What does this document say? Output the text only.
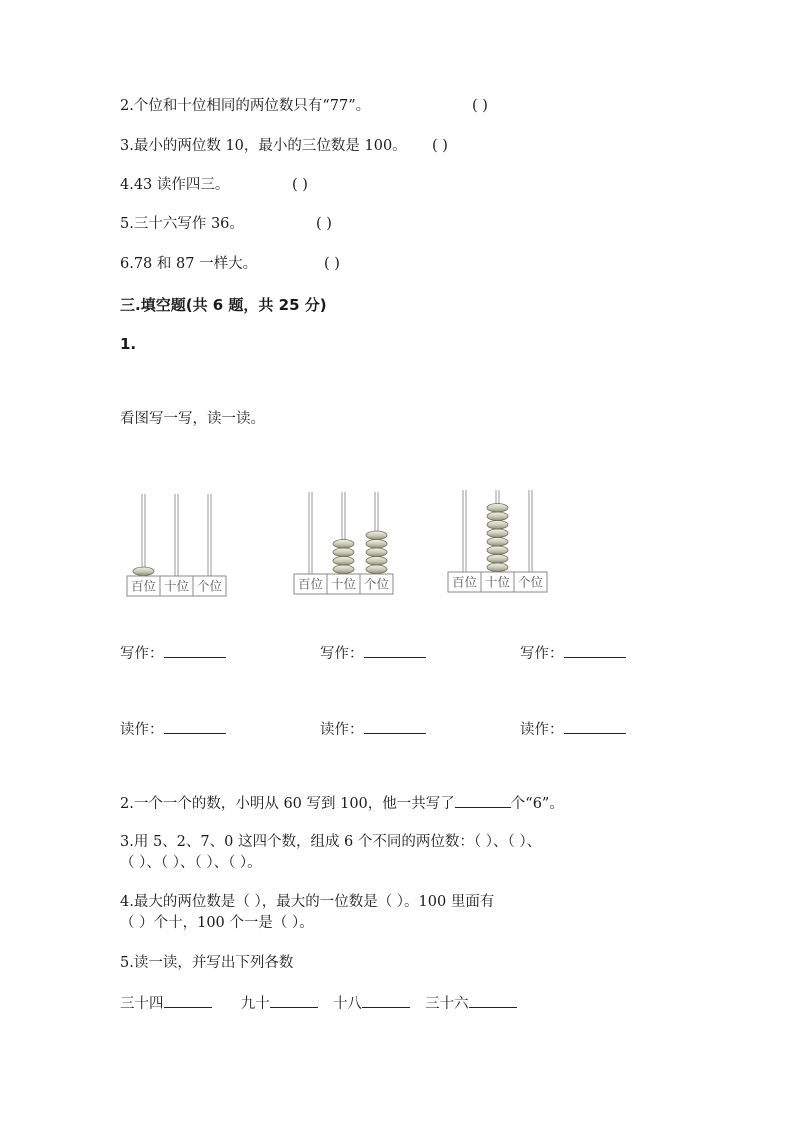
2.个位和十位相同的两位数只有“77”。	( )
3.最小的两位数 10，最小的三位数是 100。 ( )
4.43 读作四三。	( )
5.三十六写作 36。	( )
6.78 和 87 一样大。	( )
三.填空题(共 6 题，共 25 分)
1.
看图写一写，读一读。
百位 十位 个位	百位 十位 个位	百位 十位 个位
写作：	写作：	写作：
读作：	读作：	读作：
2.一个一个的数，小明从 60 写到 100，他一共写了	个“6”。
3.用 5、2、7、0 这四个数，组成 6 个不同的两位数：（ ）、（ ）、
（ ）、（ ）、（ ）、（ ）。
4.最大的两位数是（ ），最大的一位数是（ ）。100 里面有
（ ）个十，100 个一是（ ）。
5.读一读，并写出下列各数
三十四	九十	十八	三十六
